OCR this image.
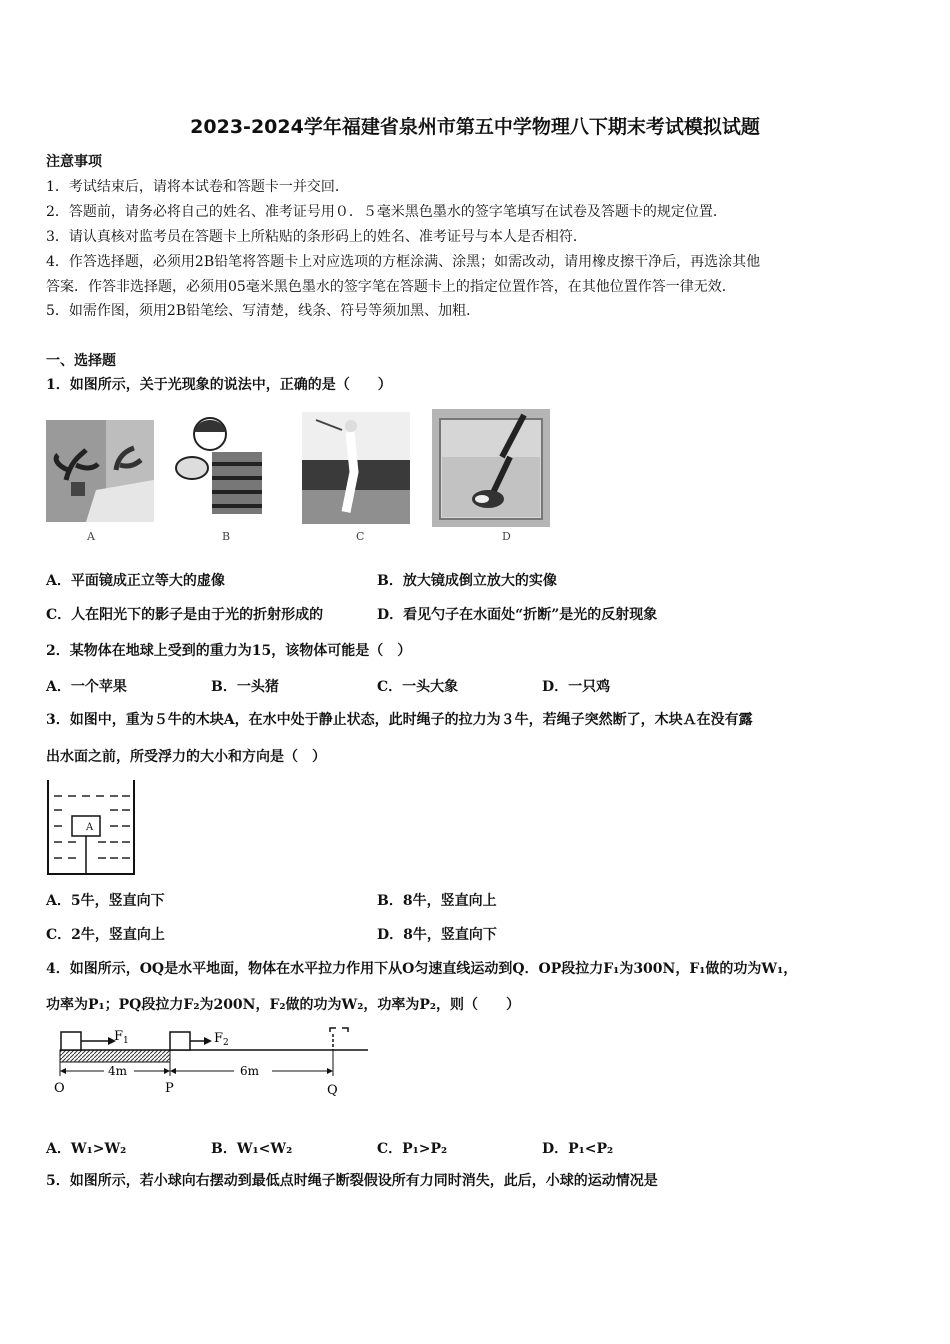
2023-2024学年福建省泉州市第五中学物理八下期末考试模拟试题
注意事项
1．考试结束后，请将本试卷和答题卡一并交回．
2．答题前，请务必将自己的姓名、准考证号用０．５毫米黑色墨水的签字笔填写在试卷及答题卡的规定位置．
3．请认真核对监考员在答题卡上所粘贴的条形码上的姓名、准考证号与本人是否相符．
4．作答选择题，必须用2B铅笔将答题卡上对应选项的方框涂满、涂黑；如需改动，请用橡皮擦干净后，再选涂其他
答案．作答非选择题，必须用05毫米黑色墨水的签字笔在答题卡上的指定位置作答，在其他位置作答一律无效．
5．如需作图，须用2B铅笔绘、写清楚，线条、符号等须加黑、加粗．
一、选择题
1．如图所示，关于光现象的说法中，正确的是（　　）
A	B	C	D
A．平面镜成正立等大的虚像	B．放大镜成倒立放大的实像
C．人在阳光下的影子是由于光的折射形成的	D．看见勺子在水面处“折断”是光的反射现象
2．某物体在地球上受到的重力为15，该物体可能是（　）
A．一个苹果	B．一头猪	C．一头大象	D．一只鸡
3．如图中，重为５牛的木块A，在水中处于静止状态，此时绳子的拉力为３牛，若绳子突然断了，木块Ａ在没有露
出水面之前，所受浮力的大小和方向是（　）
A
A．5牛，竖直向下	B．8牛，竖直向上
C．2牛，竖直向上	D．8牛，竖直向下
4．如图所示，OQ是水平地面，物体在水平拉力作用下从O匀速直线运动到Q．OP段拉力F₁为300N，F₁做的功为W₁，
功率为P₁；PQ段拉力F₂为200N，F₂做的功为W₂，功率为P₂，则（　　）
$F_1$	$F_2$
4m	6m
O	P	Q
A．W₁>W₂	B．W₁<W₂	C．P₁>P₂	D．P₁<P₂
5．如图所示，若小球向右摆动到最低点时绳子断裂假设所有力同时消失，此后，小球的运动情况是
